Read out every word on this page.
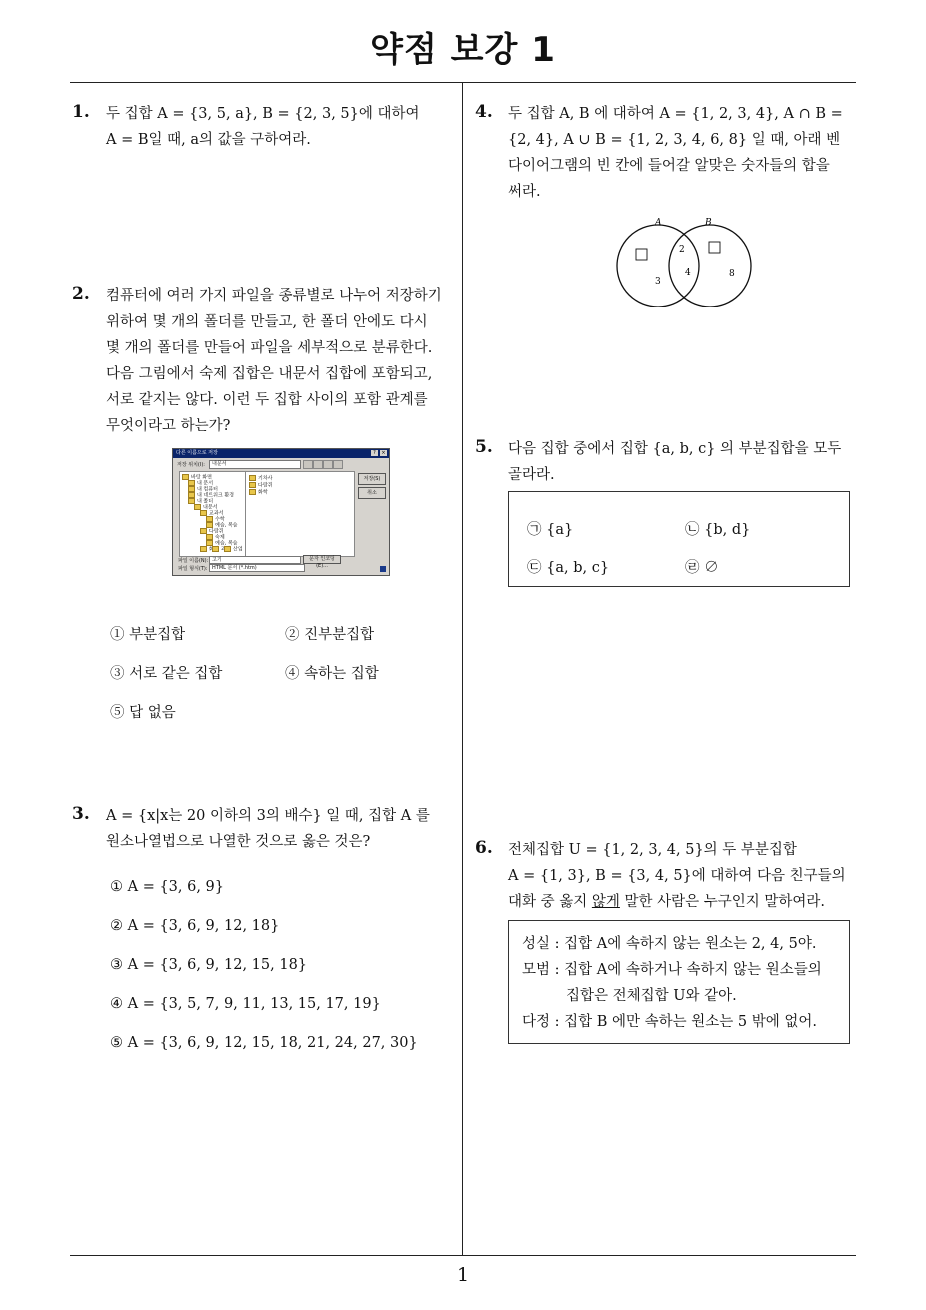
약점 보강 1
1
1. 두 집합 A = {3, 5, a}, B = {2, 3, 5}에 대하여
A = B일 때, a의 값을 구하여라.
2. 컴퓨터에 여러 가지 파일을 종류별로 나누어 저장하기
위하여 몇 개의 폴더를 만들고, 한 폴더 안에도 다시
몇 개의 폴더를 만들어 파일을 세부적으로 분류한다.
다음 그림에서 숙제 집합은 내문서 집합에 포함되고,
서로 같지는 않다. 이런 두 집합 사이의 포함 관계를
무엇이라고 하는가?
다른 이름으로 저장	?	×
저장 위치(I):	내문서
바탕 화면
내 문서
내 컴퓨터
내 네트워크 환경
내 폴더
내문서
교과서
수학
예습, 복습
다람쥐
숙제
예습, 복습
화학 과산 산업
기차사
다람쥐
화학
저장(S)
취소
파일 이름(N): 고기	문자 인코딩(E)...
파일 형식(T): HTML 문서 (*.htm)
① 부분집합	② 진부분집합
③ 서로 같은 집합	④ 속하는 집합
⑤ 답 없음
3. A = {x|x는 20 이하의 3의 배수} 일 때, 집합 A 를
원소나열법으로 나열한 것으로 옳은 것은?
① A = {3, 6, 9}
② A = {3, 6, 9, 12, 18}
③ A = {3, 6, 9, 12, 15, 18}
④ A = {3, 5, 7, 9, 11, 13, 15, 17, 19}
⑤ A = {3, 6, 9, 12, 15, 18, 21, 24, 27, 30}
4. 두 집합 A, B 에 대하여 A = {1, 2, 3, 4}, A ∩ B =
{2, 4}, A ∪ B = {1, 2, 3, 4, 6, 8} 일 때, 아래 벤
다이어그램의 빈 칸에 들어갈 알맞은 숫자들의 합을
써라.
A	B
2
3
4	8
5. 다음 집합 중에서 집합 {a, b, c} 의 부분집합을 모두
골라라.
㉠ {a}	㉡ {b, d}
㉢ {a, b, c}	㉣ ∅
6. 전체집합 U = {1, 2, 3, 4, 5}의 두 부분집합
A = {1, 3}, B = {3, 4, 5}에 대하여 다음 친구들의
대화 중 옳지 않게 말한 사람은 누구인지 말하여라.
성실 : 집합 A에 속하지 않는 원소는 2, 4, 5야.
모범 : 집합 A에 속하거나 속하지 않는 원소들의
집합은 전체집합 U와 같아.
다정 : 집합 B 에만 속하는 원소는 5 밖에 없어.
